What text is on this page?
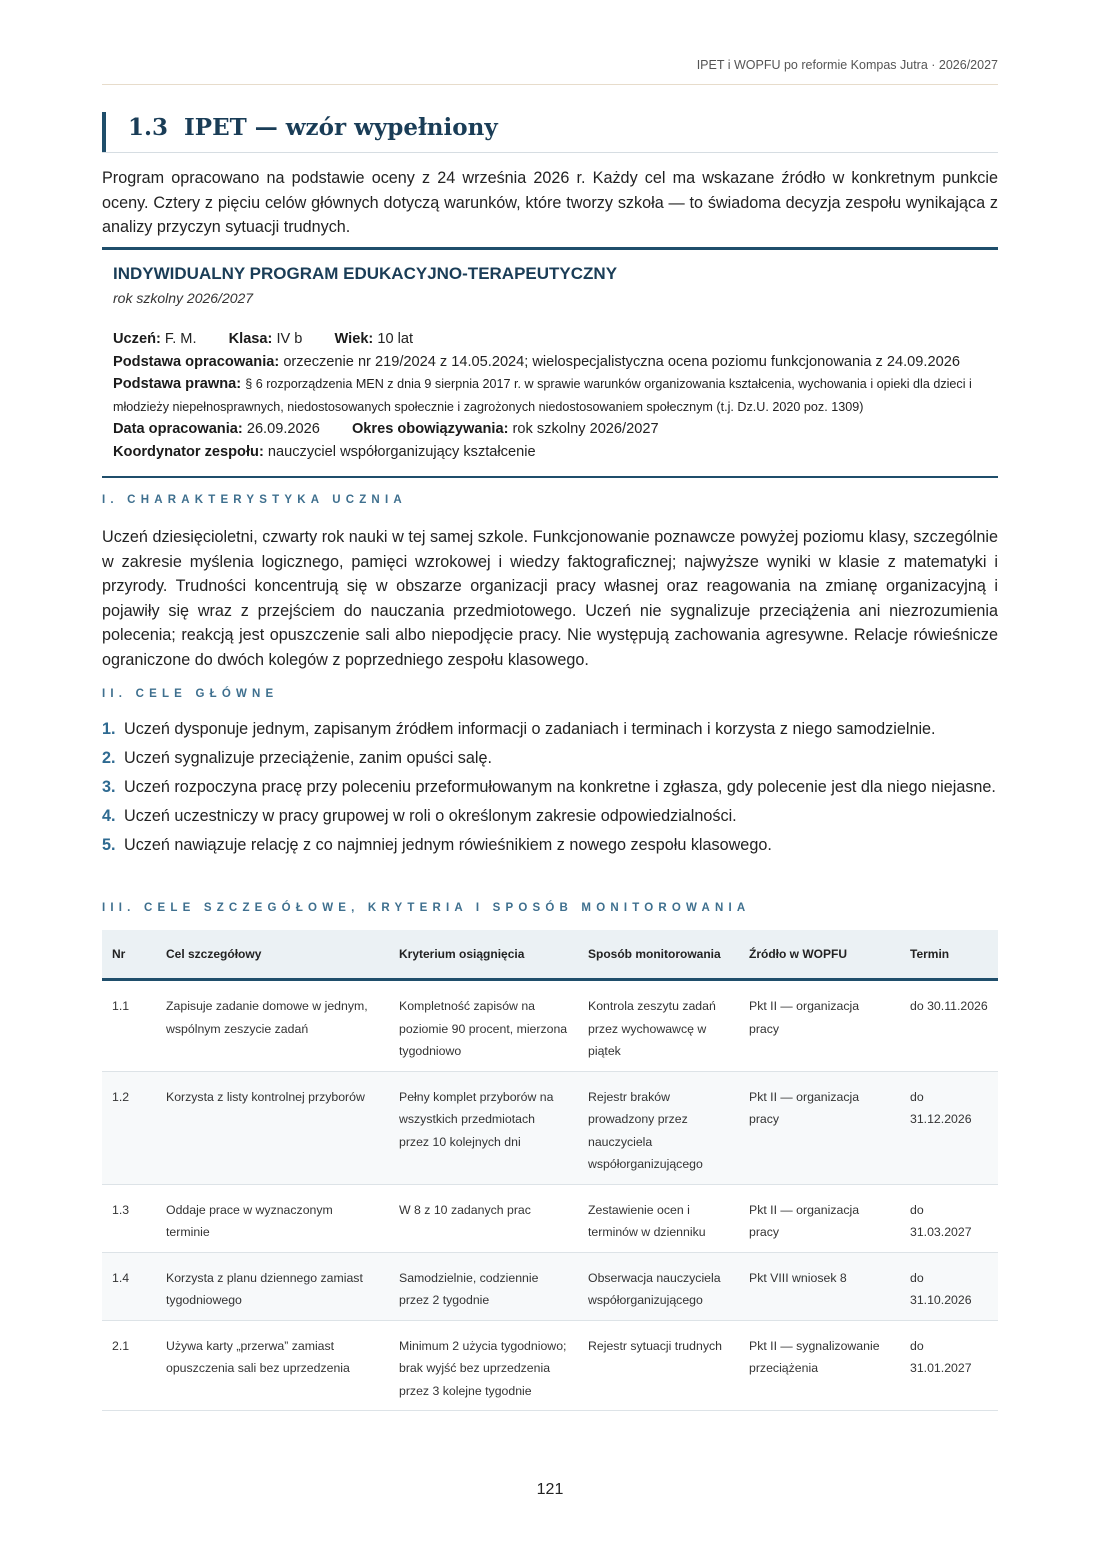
IPET i WOPFU po reformie Kompas Jutra · 2026/2027
1.3  IPET — wzór wypełniony
Program opracowano na podstawie oceny z 24 września 2026 r. Każdy cel ma wskazane źródło w konkretnym punkcie oceny. Cztery z pięciu celów głównych dotyczą warunków, które tworzy szkoła — to świadoma decyzja zespołu wynikająca z analizy przyczyn sytuacji trudnych.
INDYWIDUALNY PROGRAM EDUKACYJNO-TERAPEUTYCZNY
rok szkolny 2026/2027
Uczeń: F. M. Klasa: IV b Wiek: 10 lat
Podstawa opracowania: orzeczenie nr 219/2024 z 14.05.2024; wielospecjalistyczna ocena poziomu funkcjonowania z 24.09.2026
Podstawa prawna: § 6 rozporządzenia MEN z dnia 9 sierpnia 2017 r. w sprawie warunków organizowania kształcenia, wychowania i opieki dla dzieci i młodzieży niepełnosprawnych, niedostosowanych społecznie i zagrożonych niedostosowaniem społecznym (t.j. Dz.U. 2020 poz. 1309)
Data opracowania: 26.09.2026 Okres obowiązywania: rok szkolny 2026/2027
Koordynator zespołu: nauczyciel współorganizujący kształcenie
I. CHARAKTERYSTYKA UCZNIA
Uczeń dziesięcioletni, czwarty rok nauki w tej samej szkole. Funkcjonowanie poznawcze powyżej poziomu klasy, szczególnie w zakresie myślenia logicznego, pamięci wzrokowej i wiedzy faktograficznej; najwyższe wyniki w klasie z matematyki i przyrody. Trudności koncentrują się w obszarze organizacji pracy własnej oraz reagowania na zmianę organizacyjną i pojawiły się wraz z przejściem do nauczania przedmiotowego. Uczeń nie sygnalizuje przeciążenia ani niezrozumienia polecenia; reakcją jest opuszczenie sali albo niepodjęcie pracy. Nie występują zachowania agresywne. Relacje rówieśnicze ograniczone do dwóch kolegów z poprzedniego zespołu klasowego.
II. CELE GŁÓWNE
1. Uczeń dysponuje jednym, zapisanym źródłem informacji o zadaniach i terminach i korzysta z niego samodzielnie.
2. Uczeń sygnalizuje przeciążenie, zanim opuści salę.
3. Uczeń rozpoczyna pracę przy poleceniu przeformułowanym na konkretne i zgłasza, gdy polecenie jest dla niego niejasne.
4. Uczeń uczestniczy w pracy grupowej w roli o określonym zakresie odpowiedzialności.
5. Uczeń nawiązuje relację z co najmniej jednym rówieśnikiem z nowego zespołu klasowego.
III. CELE SZCZEGÓŁOWE, KRYTERIA I SPOSÓB MONITOROWANIA
Nr	Cel szczegółowy	Kryterium osiągnięcia	Sposób monitorowania	Źródło w WOPFU	Termin
1.1	Zapisuje zadanie domowe w jednym, wspólnym zeszycie zadań	Kompletność zapisów na poziomie 90 procent, mierzona tygodniowo	Kontrola zeszytu zadań przez wychowawcę w piątek	Pkt II — organizacja pracy	do 30.11.2026
1.2	Korzysta z listy kontrolnej przyborów	Pełny komplet przyborów na wszystkich przedmiotach przez 10 kolejnych dni	Rejestr braków prowadzony przez nauczyciela współorganizującego	Pkt II — organizacja pracy	do 31.12.2026
1.3	Oddaje prace w wyznaczonym terminie	W 8 z 10 zadanych prac	Zestawienie ocen i terminów w dzienniku	Pkt II — organizacja pracy	do 31.03.2027
1.4	Korzysta z planu dziennego zamiast tygodniowego	Samodzielnie, codziennie przez 2 tygodnie	Obserwacja nauczyciela współorganizującego	Pkt VIII wniosek 8	do 31.10.2026
2.1	Używa karty „przerwa” zamiast opuszczenia sali bez uprzedzenia	Minimum 2 użycia tygodniowo; brak wyjść bez uprzedzenia przez 3 kolejne tygodnie	Rejestr sytuacji trudnych	Pkt II — sygnalizowanie przeciążenia	do 31.01.2027
121
